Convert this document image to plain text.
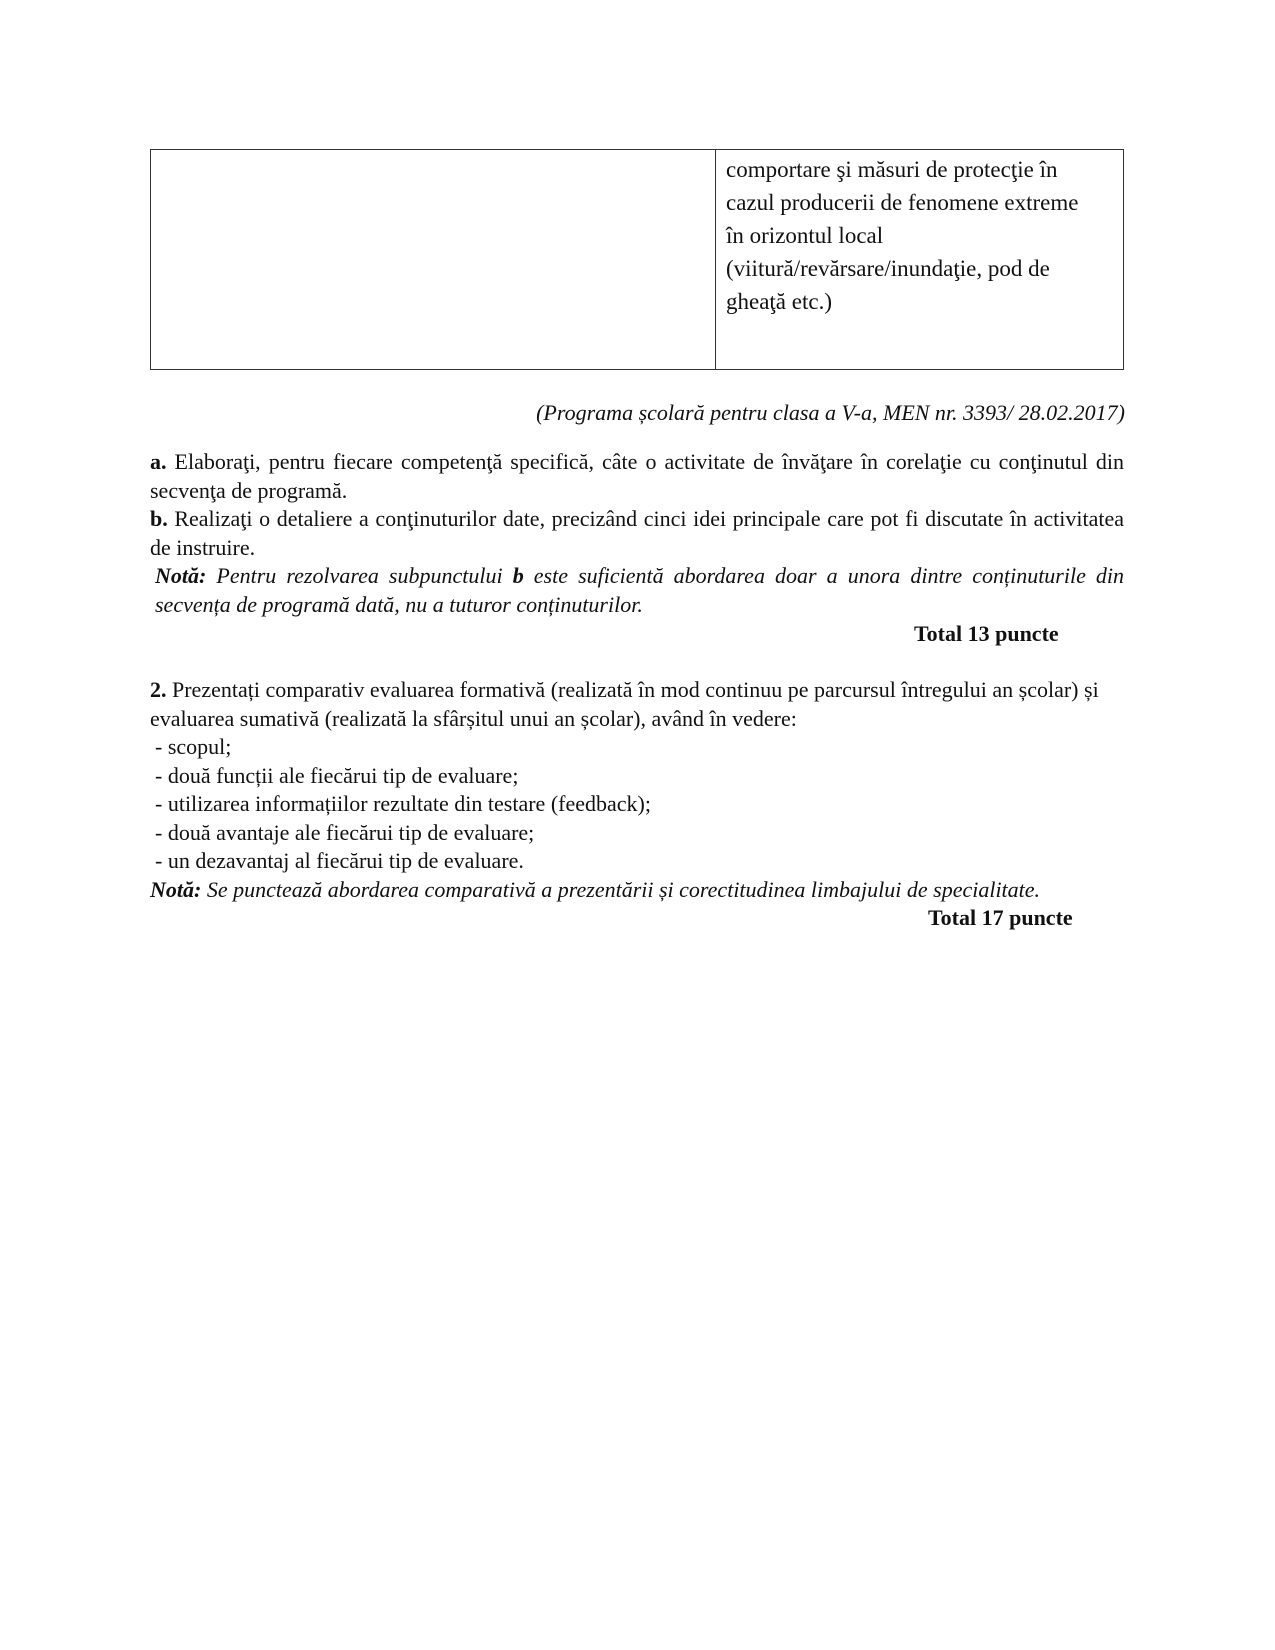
comportare şi măsuri de protecţie în
cazul producerii de fenomene extreme
în orizontul local
(viitură/revărsare/inundaţie, pod de
gheaţă etc.)
(Programa școlară pentru clasa a V-a, MEN nr. 3393/ 28.02.2017)
a. Elaboraţi, pentru fiecare competenţă specifică, câte o activitate de învăţare în corelaţie cu conţinutul din secvenţa de programă.
b. Realizaţi o detaliere a conţinuturilor date, precizând cinci idei principale care pot fi discutate în activitatea de instruire.
Notă: Pentru rezolvarea subpunctului b este suficientă abordarea doar a unora dintre conținuturile din secvența de programă dată, nu a tuturor conținuturilor.
Total 13 puncte
2. Prezentați comparativ evaluarea formativă (realizată în mod continuu pe parcursul întregului an școlar) și evaluarea sumativă (realizată la sfârșitul unui an școlar), având în vedere:
- scopul;
- două funcții ale fiecărui tip de evaluare;
- utilizarea informațiilor rezultate din testare (feedback);
- două avantaje ale fiecărui tip de evaluare;
- un dezavantaj al fiecărui tip de evaluare.
Notă: Se punctează abordarea comparativă a prezentării și corectitudinea limbajului de specialitate.
Total 17 puncte
